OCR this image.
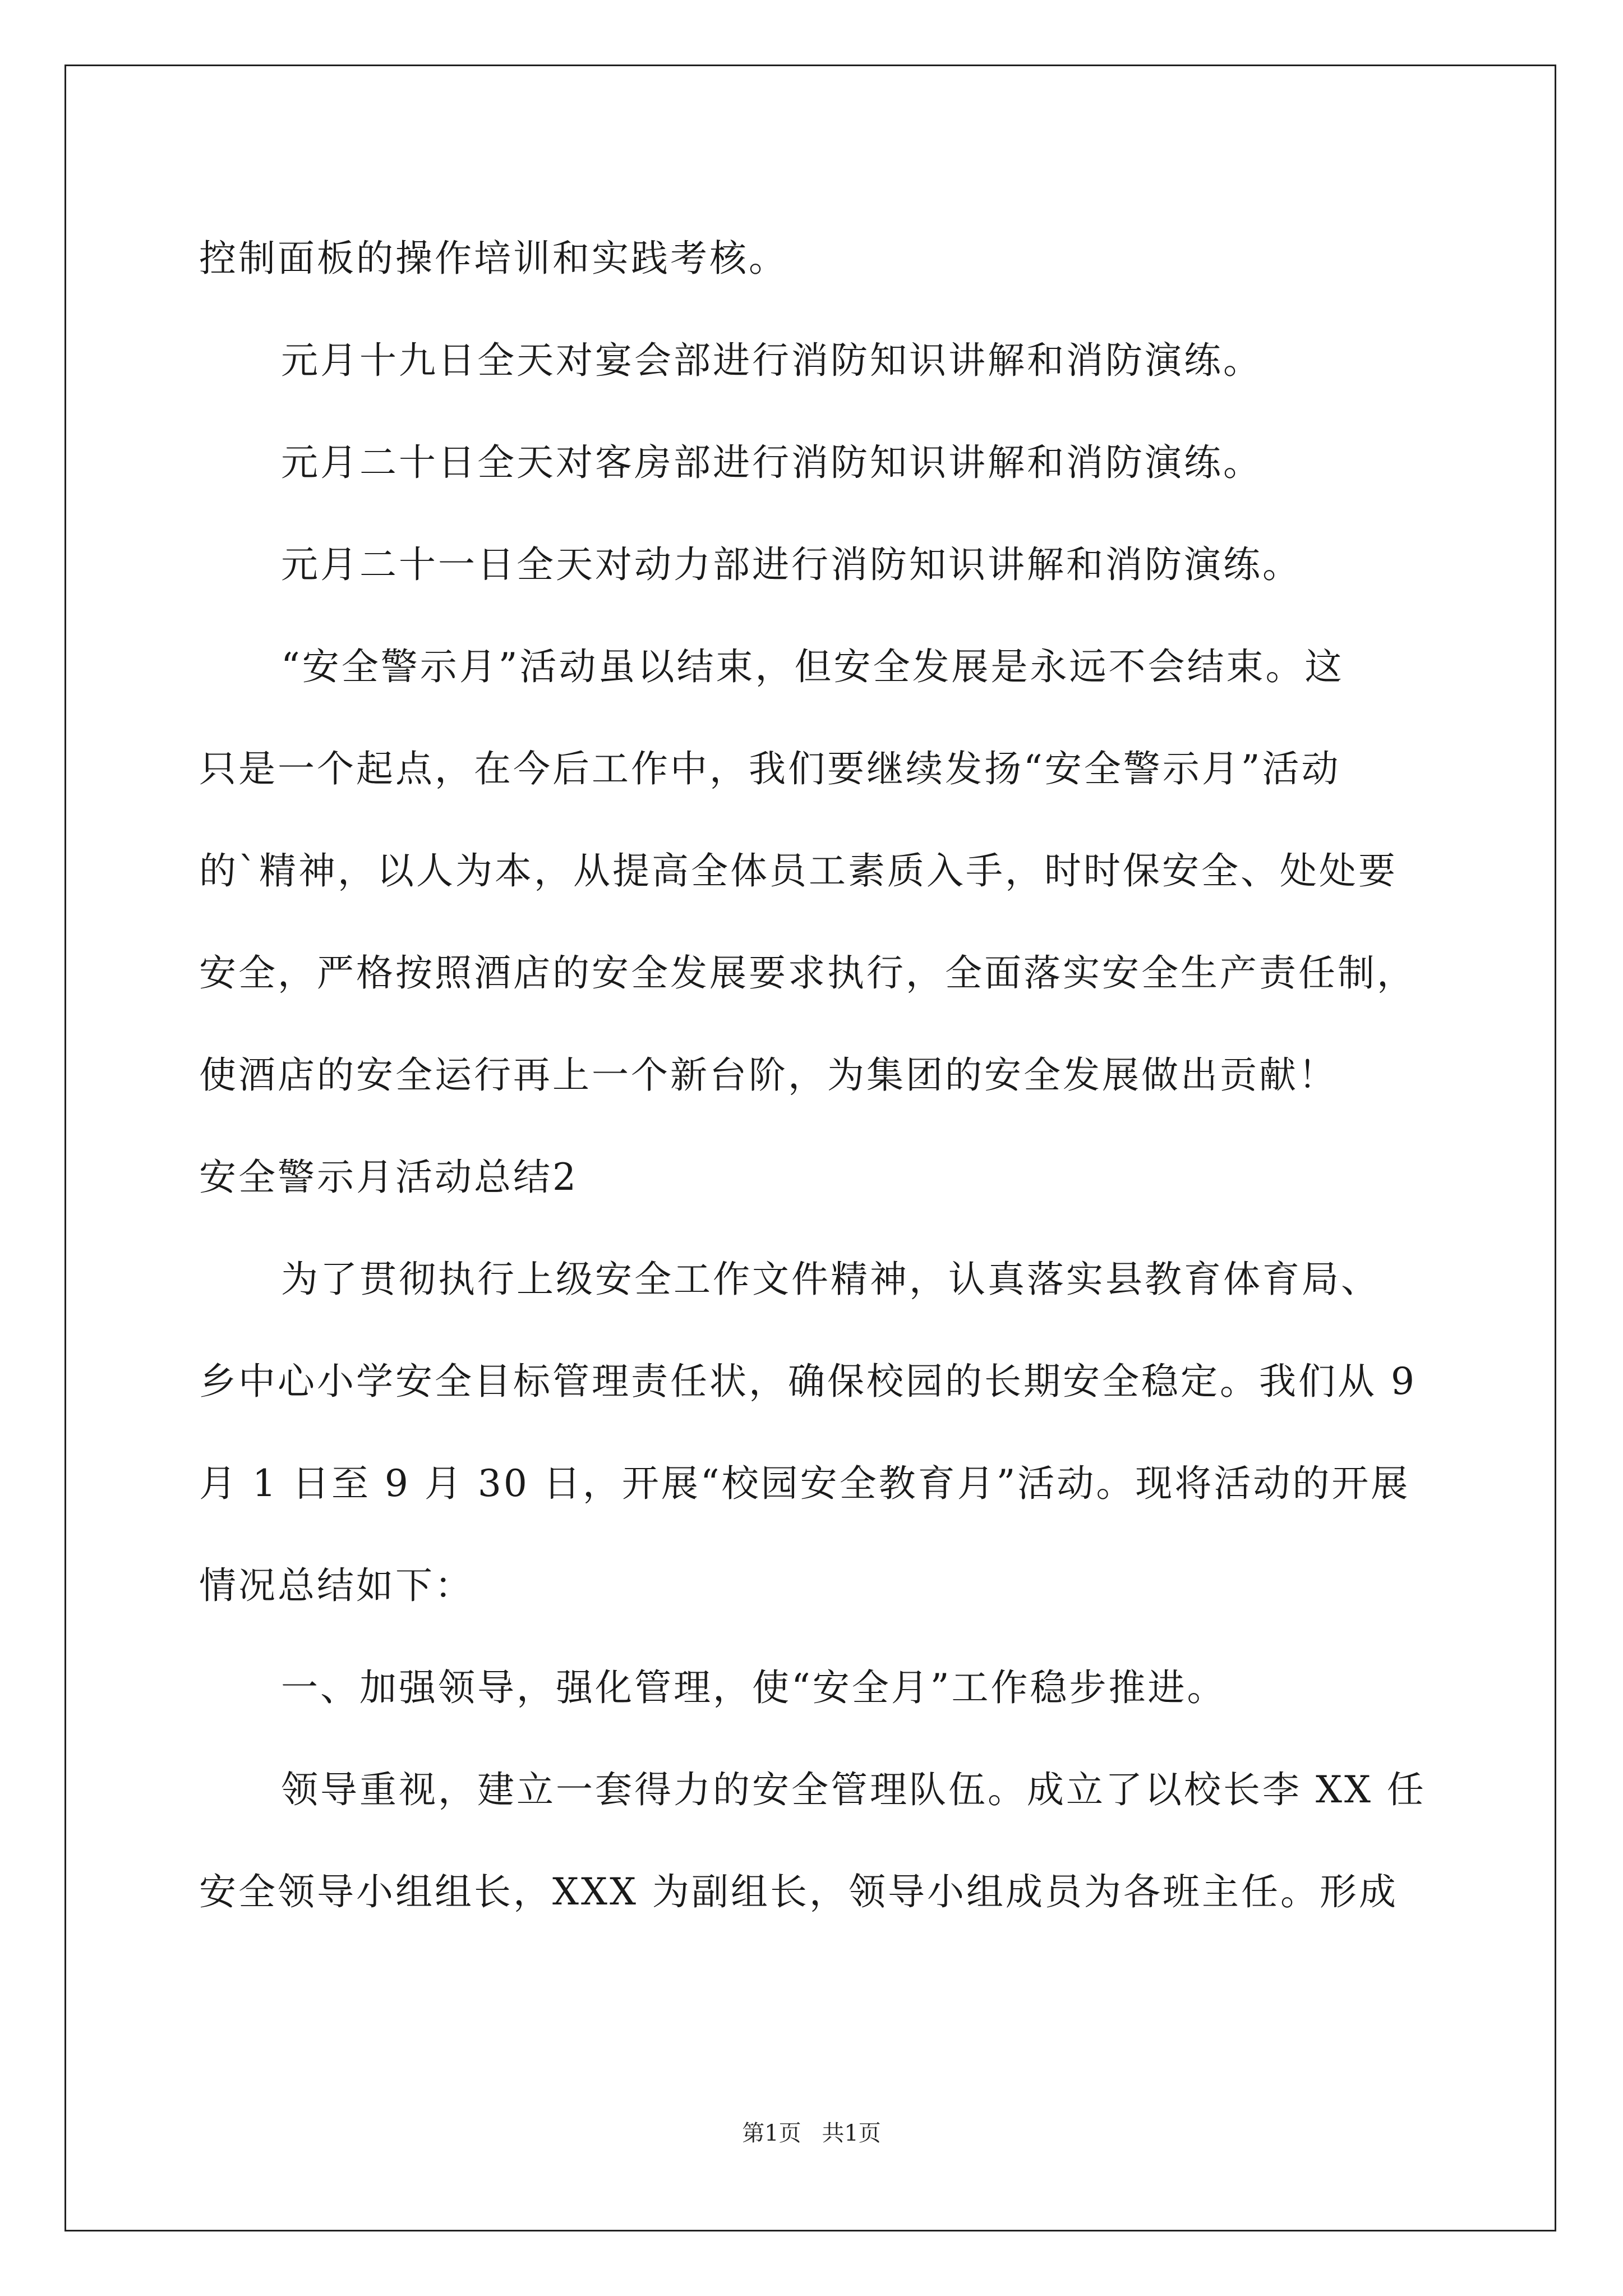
控制面板的操作培训和实践考核。

元月十九日全天对宴会部进行消防知识讲解和消防演练。

元月二十日全天对客房部进行消防知识讲解和消防演练。

元月二十一日全天对动力部进行消防知识讲解和消防演练。

“安全警示月”活动虽以结束，但安全发展是永远不会结束。这

只是一个起点，在今后工作中，我们要继续发扬“安全警示月”活动

的`精神，以人为本，从提高全体员工素质入手，时时保安全、处处要

安全，严格按照酒店的安全发展要求执行，全面落实安全生产责任制，

使酒店的安全运行再上一个新台阶，为集团的安全发展做出贡献！

安全警示月活动总结2

为了贯彻执行上级安全工作文件精神，认真落实县教育体育局、

乡中心小学安全目标管理责任状，确保校园的长期安全稳定。我们从 9

月 1 日至 9 月 30 日，开展“校园安全教育月”活动。现将活动的开展

情况总结如下：

一、加强领导，强化管理，使“安全月”工作稳步推进。

领导重视，建立一套得力的安全管理队伍。成立了以校长李 XX 任

安全领导小组组长，XXX 为副组长，领导小组成员为各班主任。形成

第1页 共1页
